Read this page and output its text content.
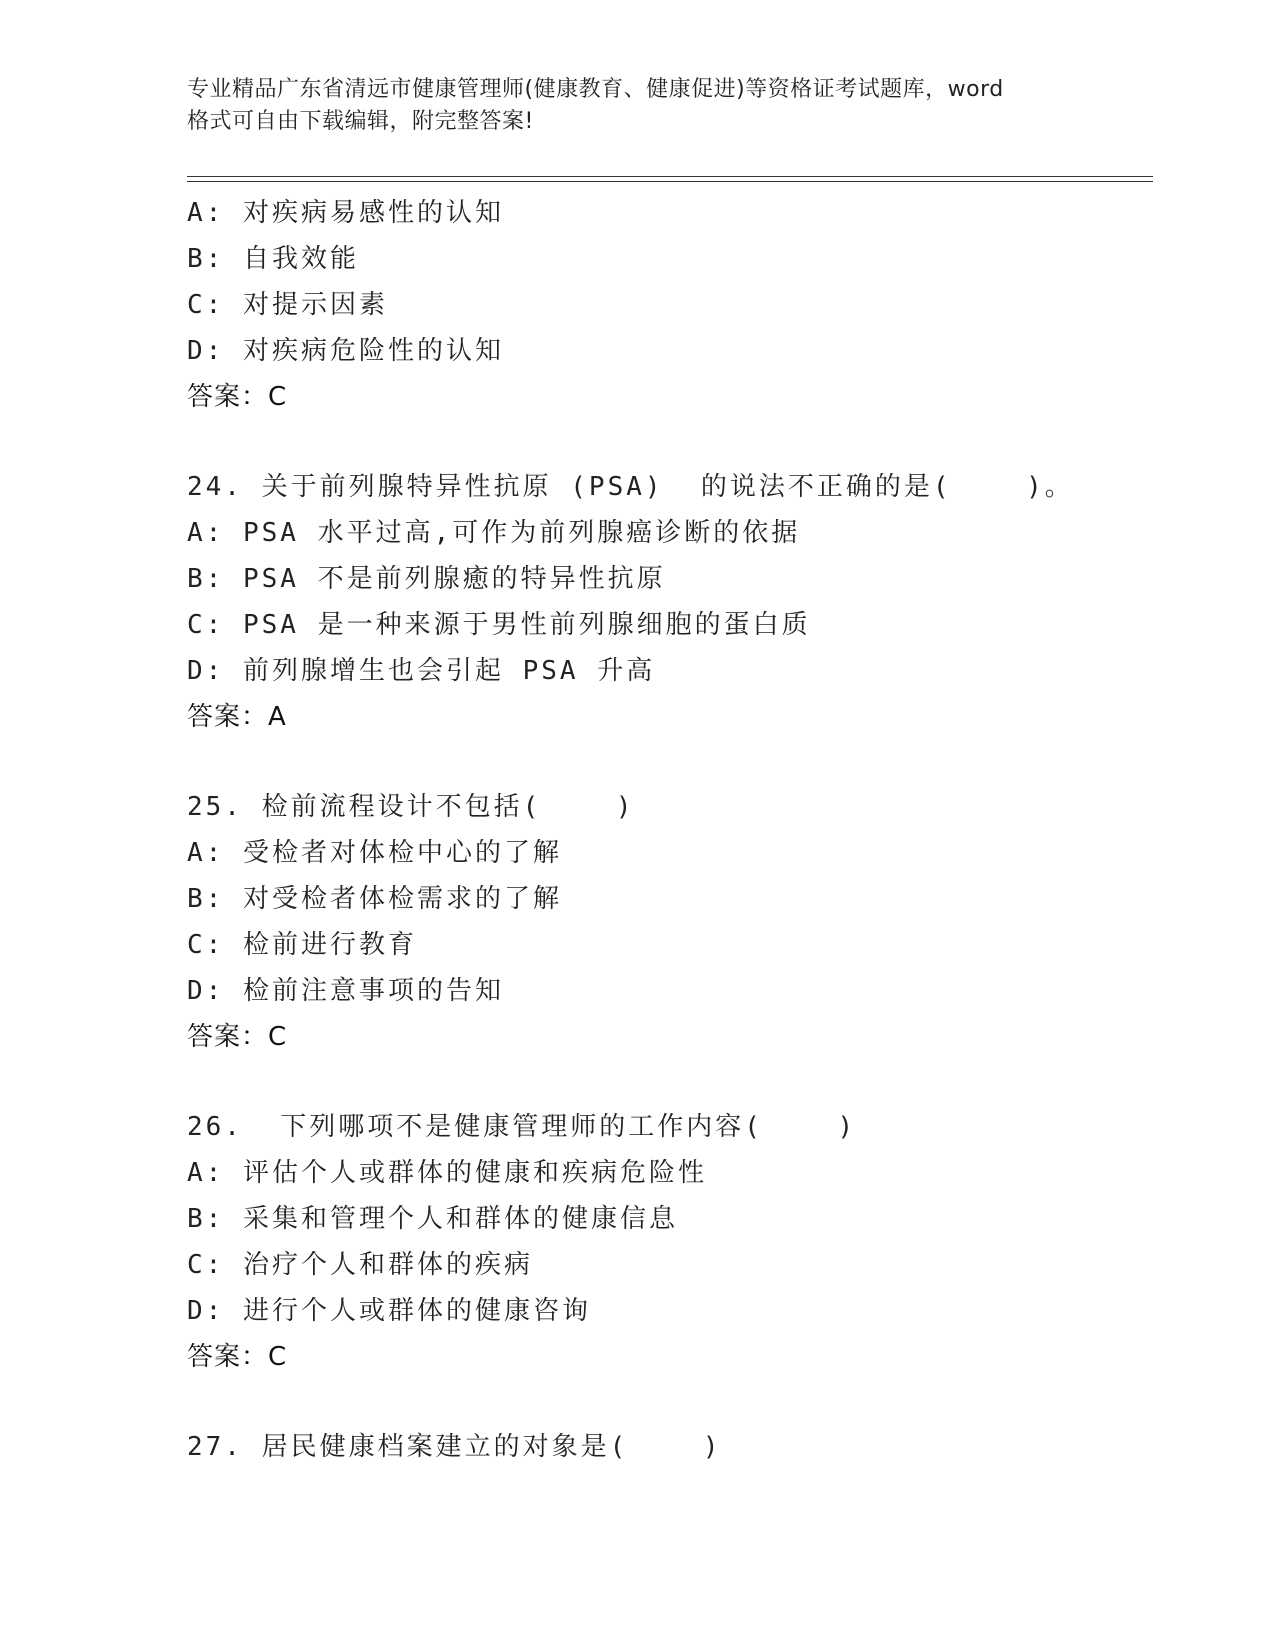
专业精品广东省清远市健康管理师(健康教育、健康促进)等资格证考试题库，word
格式可自由下载编辑，附完整答案!
A: 对疾病易感性的认知
B: 自我效能
C: 对提示因素
D: 对疾病危险性的认知
答案：C
24. 关于前列腺特异性抗原 (PSA)  的说法不正确的是(    )。
A: PSA 水平过高,可作为前列腺癌诊断的依据
B: PSA 不是前列腺癒的特异性抗原
C: PSA 是一种来源于男性前列腺细胞的蛋白质
D: 前列腺增生也会引起 PSA 升高
答案：A
25. 检前流程设计不包括(    )
A: 受检者对体检中心的了解
B: 对受检者体检需求的了解
C: 检前进行教育
D: 检前注意事项的告知
答案：C
26.  下列哪项不是健康管理师的工作内容(    )
A: 评估个人或群体的健康和疾病危险性
B: 采集和管理个人和群体的健康信息
C: 治疗个人和群体的疾病
D: 进行个人或群体的健康咨询
答案：C
27. 居民健康档案建立的对象是(    )
